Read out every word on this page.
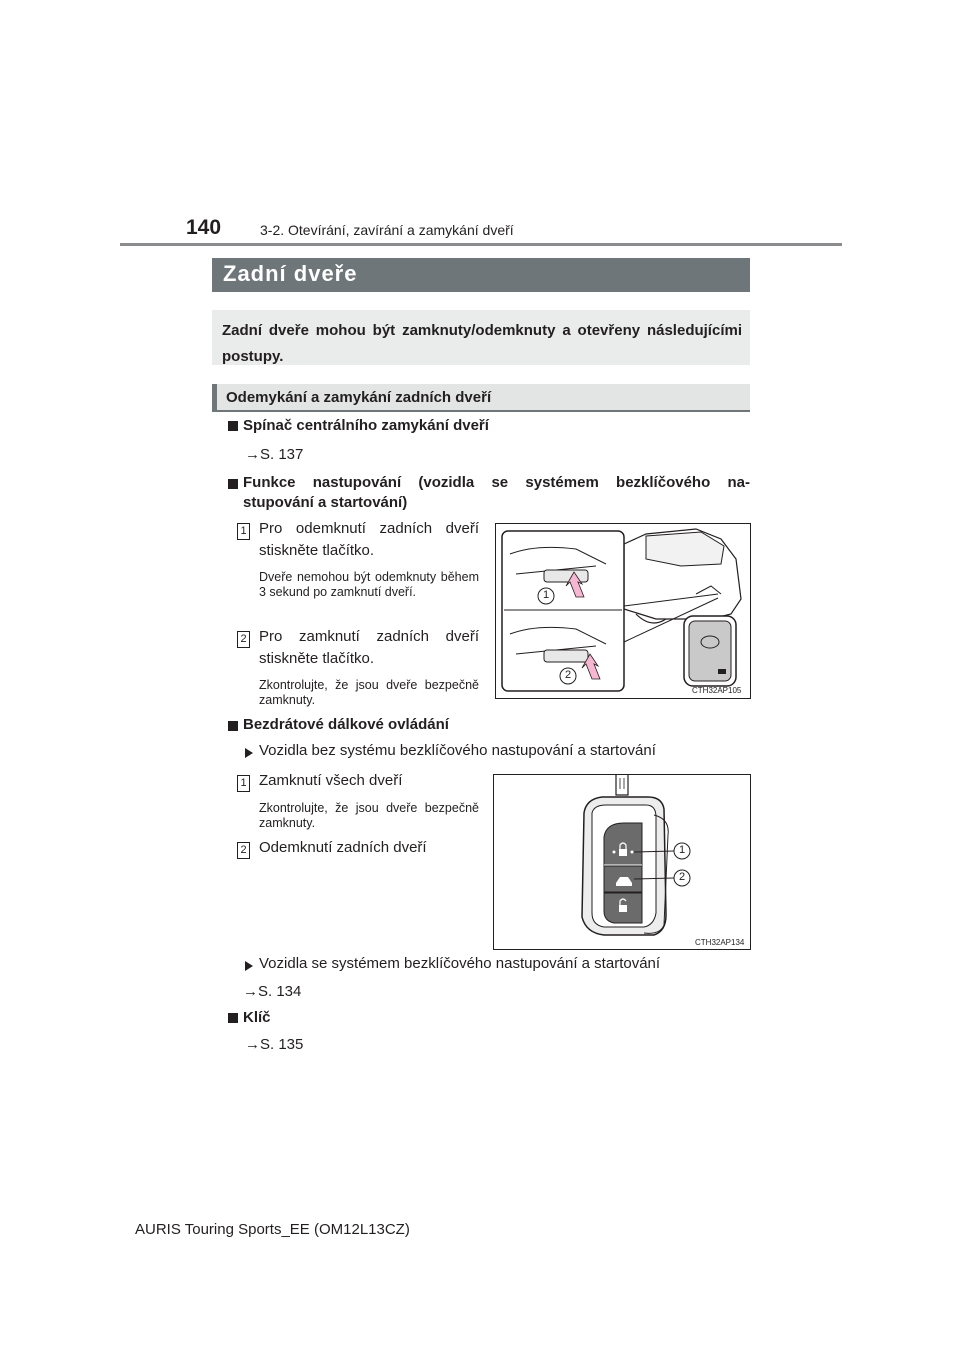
140	3-2. Otevírání, zavírání a zamykání dveří
Zadní dveře
Zadní dveře mohou být zamknuty/odemknuty a otevřeny následujícími postupy.
Odemykání a zamykání zadních dveří
Spínač centrálního zamykání dveří
→S. 137
Funkce nastupování (vozidla se systémem bezklíčového na-
stupování a startování)
1 Pro odemknutí zadních dveří stiskněte tlačítko.
Dveře nemohou být odemknuty během 3 sekund po zamknutí dveří.
2 Pro zamknutí zadních dveří stiskněte tlačítko.
Zkontrolujte, že jsou dveře bezpečně zamknuty.
1
2
CTH32AP105
Bezdrátové dálkové ovládání
Vozidla bez systému bezklíčového nastupování a startování
1 Zamknutí všech dveří
Zkontrolujte, že jsou dveře bezpečně zamknuty.
2 Odemknutí zadních dveří	1
2
CTH32AP134
Vozidla se systémem bezklíčového nastupování a startování
→S. 134
Klíč
→S. 135
AURIS Touring Sports_EE (OM12L13CZ)
